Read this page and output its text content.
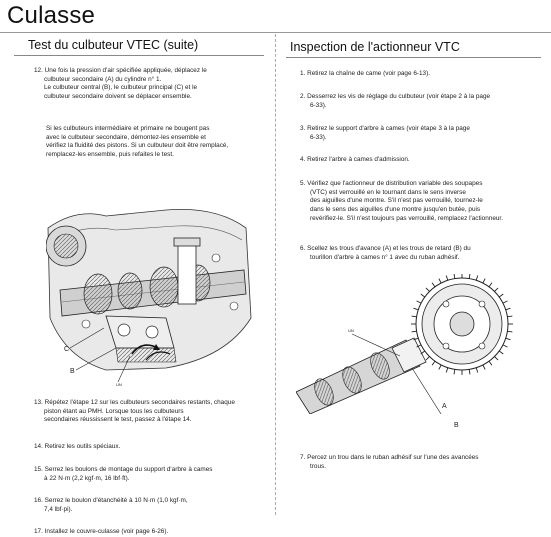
Culasse
Test du culbuteur VTEC (suite)
12. Une fois la pression d'air spécifiée appliquée, déplacez le
culbuteur secondaire (A) du cylindre n° 1.
Le culbuteur central (B), le culbuteur principal (C) et le
culbuteur secondaire doivent se déplacer ensemble.
Si les culbuteurs intermédiaire et primaire ne bougent pas
avec le culbuteur secondaire, démontez-les ensemble et
vérifiez la fluidité des pistons. Si un culbuteur doit être remplacé,
remplacez-les ensemble, puis refaites le test.
C
B
UN
13. Répétez l'étape 12 sur les culbuteurs secondaires restants, chaque
piston étant au PMH. Lorsque tous les culbuteurs
secondaires réussissent le test, passez à l'étape 14.
14. Retirez les outils spéciaux.
15. Serrez les boulons de montage du support d'arbre à cames
à 22 N·m (2,2 kgf·m, 16 lbf·ft).
16. Serrez le boulon d'étanchéité à 10 N·m (1,0 kgf·m,
7,4 lbf·pi).
17. Installez le couvre-culasse (voir page 6-26).
Inspection de l'actionneur VTC
1. Retirez la chaîne de came (voir page 6-13).
2. Desserrez les vis de réglage du culbuteur (voir étape 2 à la page
6-33).
3. Retirez le support d'arbre à cames (voir étape 3 à la page
6-33).
4. Retirez l'arbre à cames d'admission.
5. Vérifiez que l'actionneur de distribution variable des soupapes
(VTC) est verrouillé en le tournant dans le sens inverse
des aiguilles d'une montre. S'il n'est pas verrouillé, tournez-le
dans le sens des aiguilles d'une montre jusqu'en butée, puis
revérifiez-le. S'il n'est toujours pas verrouillé, remplacez l'actionneur.
6. Scellez les trous d'avance (A) et les trous de retard (B) du
tourillon d'arbre à cames n° 1 avec du ruban adhésif.
UN
A
B
7. Percez un trou dans le ruban adhésif sur l'une des avancées
trous.
